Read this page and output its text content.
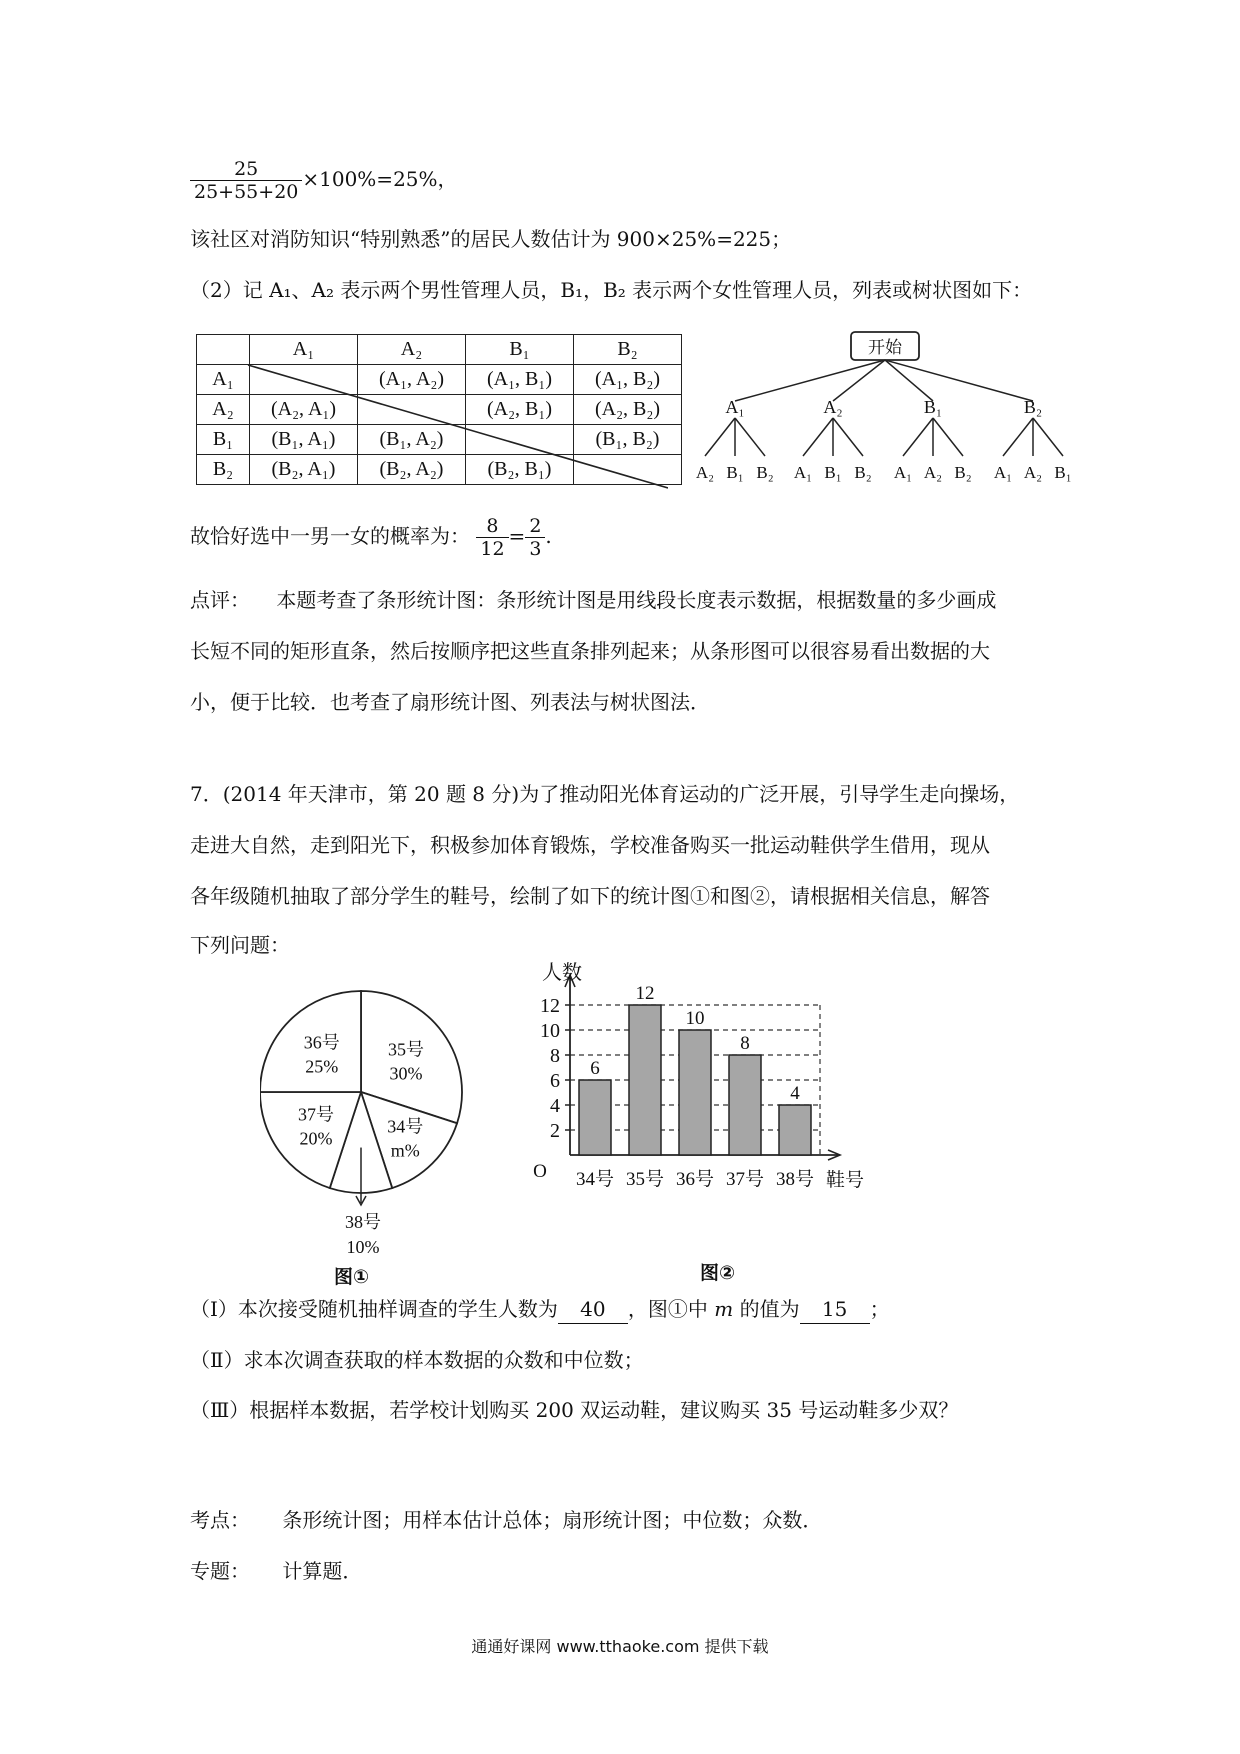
$\frac{25}{25+55+20} \times 100\%=25\%$，
该社区对消防知识“特别熟悉”的居民人数估计为 900×25%=225；
（2）记 A₁、A₂ 表示两个男性管理人员，B₁，B₂ 表示两个女性管理人员，列表或树状图如下：
	A₁	A₂	B₁	B₂
A₁		(A₁, A₂)	(A₁, B₁)	(A₁, B₂)
A₂	(A₂, A₁)		(A₂, B₁)	(A₂, B₂)
B₁	(B₁, A₁)	(B₁, A₂)		(B₁, B₂)
B₂	(B₂, A₁)	(B₂, A₂)	(B₂, B₁)	
开始
A₁
A₂ B₁ B₂
A₂
A₁ B₁ B₂
B₁
A₁ A₂ B₂
B₂
A₁ A₂ B₁
故恰好选中一男一女的概率为： $\frac{8}{12} = \frac{2}{3}$ .
点评： 本题考查了条形统计图：条形统计图是用线段长度表示数据，根据数量的多少画成
长短不同的矩形直条，然后按顺序把这些直条排列起来；从条形图可以很容易看出数据的大
小，便于比较．也考查了扇形统计图、列表法与树状图法．
7．(2014 年天津市，第 20 题 8 分)为了推动阳光体育运动的广泛开展，引导学生走向操场，
走进大自然，走到阳光下，积极参加体育锻炼，学校准备购买一批运动鞋供学生借用，现从
各年级随机抽取了部分学生的鞋号，绘制了如下的统计图①和图②，请根据相关信息，解答
下列问题：
35号
30%
34号
m%
38号
10%
37号
20%
36号
25%
2
4
6
8
10
12
人数
O	鞋号
6
34号
12
35号
10
36号
8
37号
4
38号
图①	图②
（Ⅰ）本次接受随机抽样调查的学生人数为 40 ，图①中 m 的值为 15 ；
（Ⅱ）求本次调查获取的样本数据的众数和中位数；
（Ⅲ）根据样本数据，若学校计划购买 200 双运动鞋，建议购买 35 号运动鞋多少双？
考点： 条形统计图；用样本估计总体；扇形统计图；中位数；众数．
专题： 计算题．
通通好课网 www.tthaoke.com 提供下载
